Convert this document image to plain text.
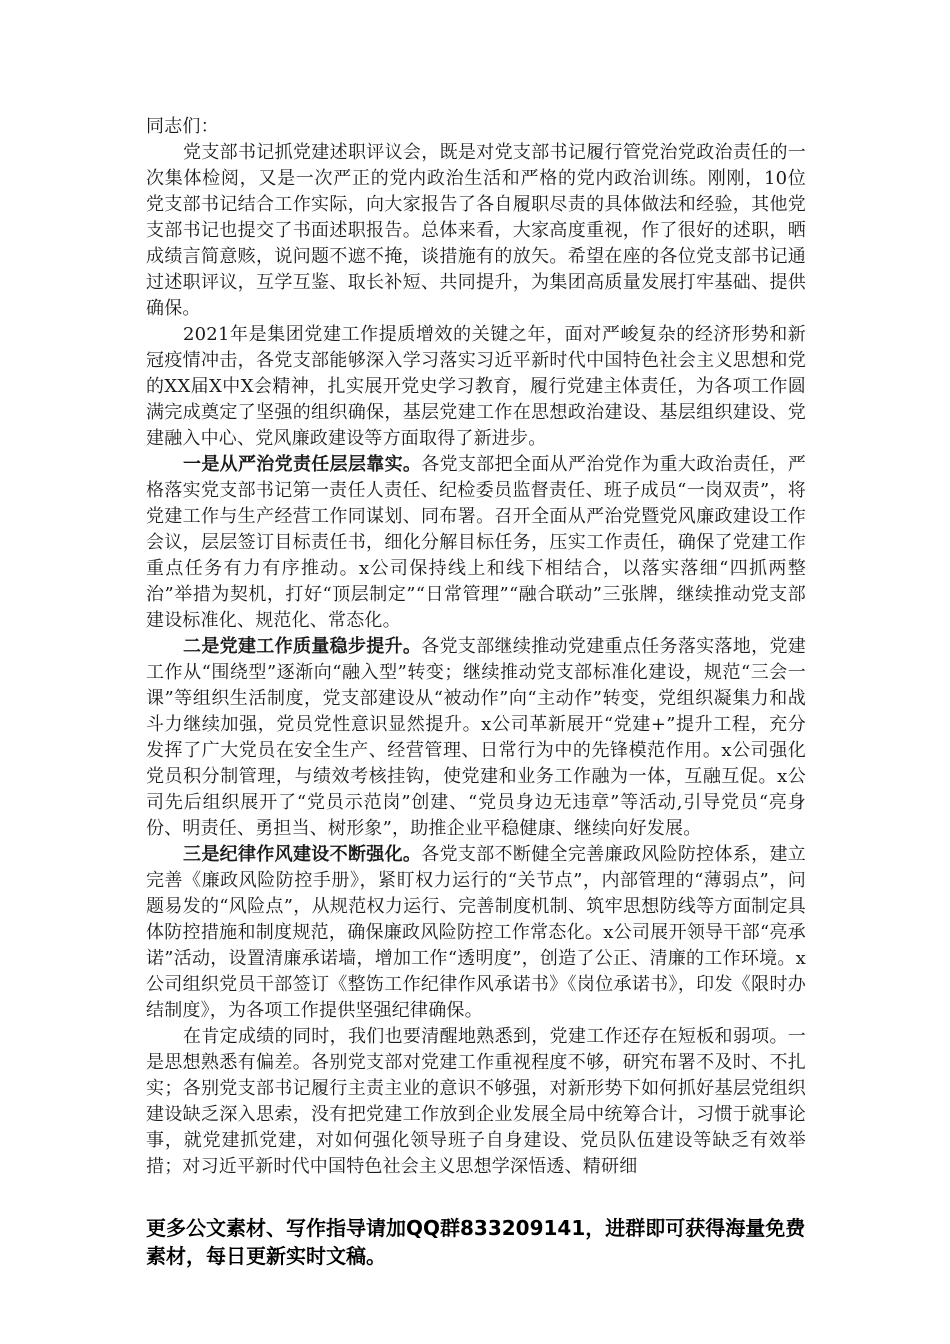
同志们：

党支部书记抓党建述职评议会，既是对党支部书记履行管党治党政治责任的一次集体检阅，又是一次严正的党内政治生活和严格的党内政治训练。刚刚，10位党支部书记结合工作实际，向大家报告了各自履职尽责的具体做法和经验，其他党支部书记也提交了书面述职报告。总体来看，大家高度重视，作了很好的述职，晒成绩言简意赅，说问题不遮不掩，谈措施有的放矢。希望在座的各位党支部书记通过述职评议，互学互鉴、取长补短、共同提升，为集团高质量发展打牢基础、提供确保。

2021年是集团党建工作提质增效的关键之年，面对严峻复杂的经济形势和新冠疫情冲击，各党支部能够深入学习落实习近平新时代中国特色社会主义思想和党的XX届X中X会精神，扎实展开党史学习教育，履行党建主体责任，为各项工作圆满完成奠定了坚强的组织确保，基层党建工作在思想政治建设、基层组织建设、党建融入中心、党风廉政建设等方面取得了新进步。

一是从严治党责任层层靠实。各党支部把全面从严治党作为重大政治责任，严格落实党支部书记第一责任人责任、纪检委员监督责任、班子成员“一岗双责”，将党建工作与生产经营工作同谋划、同布署。召开全面从严治党暨党风廉政建设工作会议，层层签订目标责任书，细化分解目标任务，压实工作责任，确保了党建工作重点任务有力有序推动。x公司保持线上和线下相结合，以落实落细“四抓两整治”举措为契机，打好“顶层制定”“日常管理”“融合联动”三张牌，继续推动党支部建设标准化、规范化、常态化。

二是党建工作质量稳步提升。各党支部继续推动党建重点任务落实落地，党建工作从“围绕型”逐渐向“融入型”转变；继续推动党支部标准化建设，规范“三会一课”等组织生活制度，党支部建设从“被动作”向“主动作”转变，党组织凝集力和战斗力继续加强，党员党性意识显然提升。x公司革新展开“党建+”提升工程，充分发挥了广大党员在安全生产、经营管理、日常行为中的先锋模范作用。x公司强化党员积分制管理，与绩效考核挂钩，使党建和业务工作融为一体，互融互促。x公司先后组织展开了“党员示范岗”创建、“党员身边无违章”等活动,引导党员“亮身份、明责任、勇担当、树形象”，助推企业平稳健康、继续向好发展。

三是纪律作风建设不断强化。各党支部不断健全完善廉政风险防控体系，建立完善《廉政风险防控手册》，紧盯权力运行的“关节点”，内部管理的“薄弱点”，问题易发的“风险点”，从规范权力运行、完善制度机制、筑牢思想防线等方面制定具体防控措施和制度规范，确保廉政风险防控工作常态化。x公司展开领导干部“亮承诺”活动，设置清廉承诺墙，增加工作“透明度”，创造了公正、清廉的工作环境。x公司组织党员干部签订《整饬工作纪律作风承诺书》《岗位承诺书》，印发《限时办结制度》，为各项工作提供坚强纪律确保。

在肯定成绩的同时，我们也要清醒地熟悉到，党建工作还存在短板和弱项。一是思想熟悉有偏差。各别党支部对党建工作重视程度不够，研究布署不及时、不扎实；各别党支部书记履行主责主业的意识不够强，对新形势下如何抓好基层党组织建设缺乏深入思索，没有把党建工作放到企业发展全局中统筹合计，习惯于就事论事，就党建抓党建，对如何强化领导班子自身建设、党员队伍建设等缺乏有效举措；对习近平新时代中国特色社会主义思想学深悟透、精研细

更多公文素材、写作指导请加QQ群833209141，进群即可获得海量免费素材，每日更新实时文稿。
